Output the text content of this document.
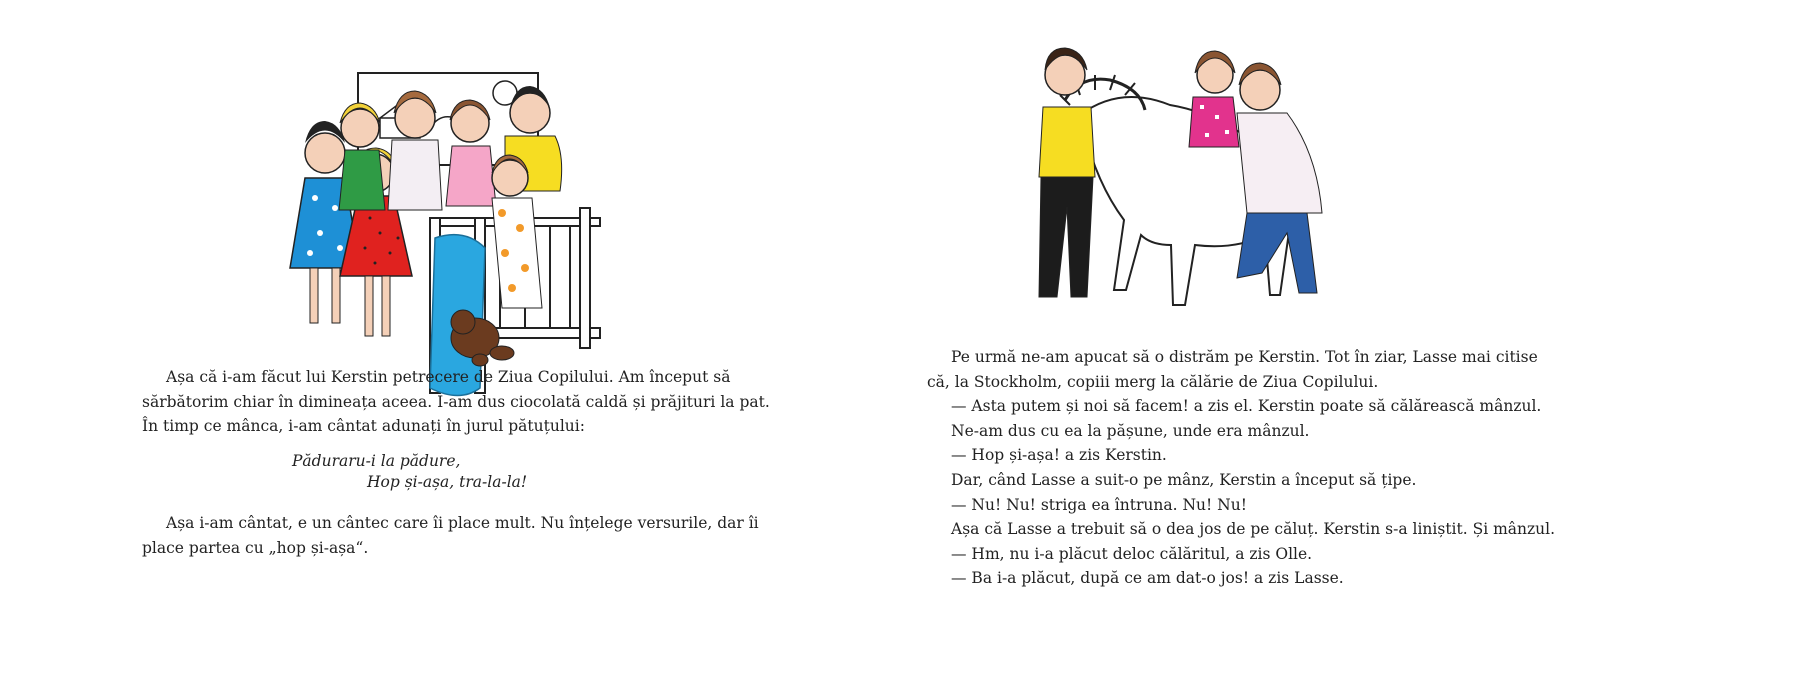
Așa că i-am făcut lui Kerstin petrecere de Ziua Copilului. Am început să
sărbătorim chiar în dimineața aceea. I-am dus ciocolată caldă și prăjituri la pat.
În timp ce mânca, i-am cântat adunați în jurul pătuțului:
Păduraru-i la pădure,
Hop și-așa, tra-la-la!
Așa i-am cântat, e un cântec care îi place mult. Nu înțelege versurile, dar îi
place partea cu „hop și-așa“.
Pe urmă ne-am apucat să o distrăm pe Kerstin. Tot în ziar, Lasse mai citise
că, la Stockholm, copiii merg la călărie de Ziua Copilului.
— Asta putem și noi să facem! a zis el. Kerstin poate să călărească mânzul.
Ne-am dus cu ea la pășune, unde era mânzul.
— Hop și-așa! a zis Kerstin.
Dar, când Lasse a suit-o pe mânz, Kerstin a început să țipe.
— Nu! Nu! striga ea întruna. Nu! Nu!
Așa că Lasse a trebuit să o dea jos de pe căluț. Kerstin s-a liniștit. Și mânzul.
— Hm, nu i-a plăcut deloc călăritul, a zis Olle.
— Ba i-a plăcut, după ce am dat-o jos! a zis Lasse.
